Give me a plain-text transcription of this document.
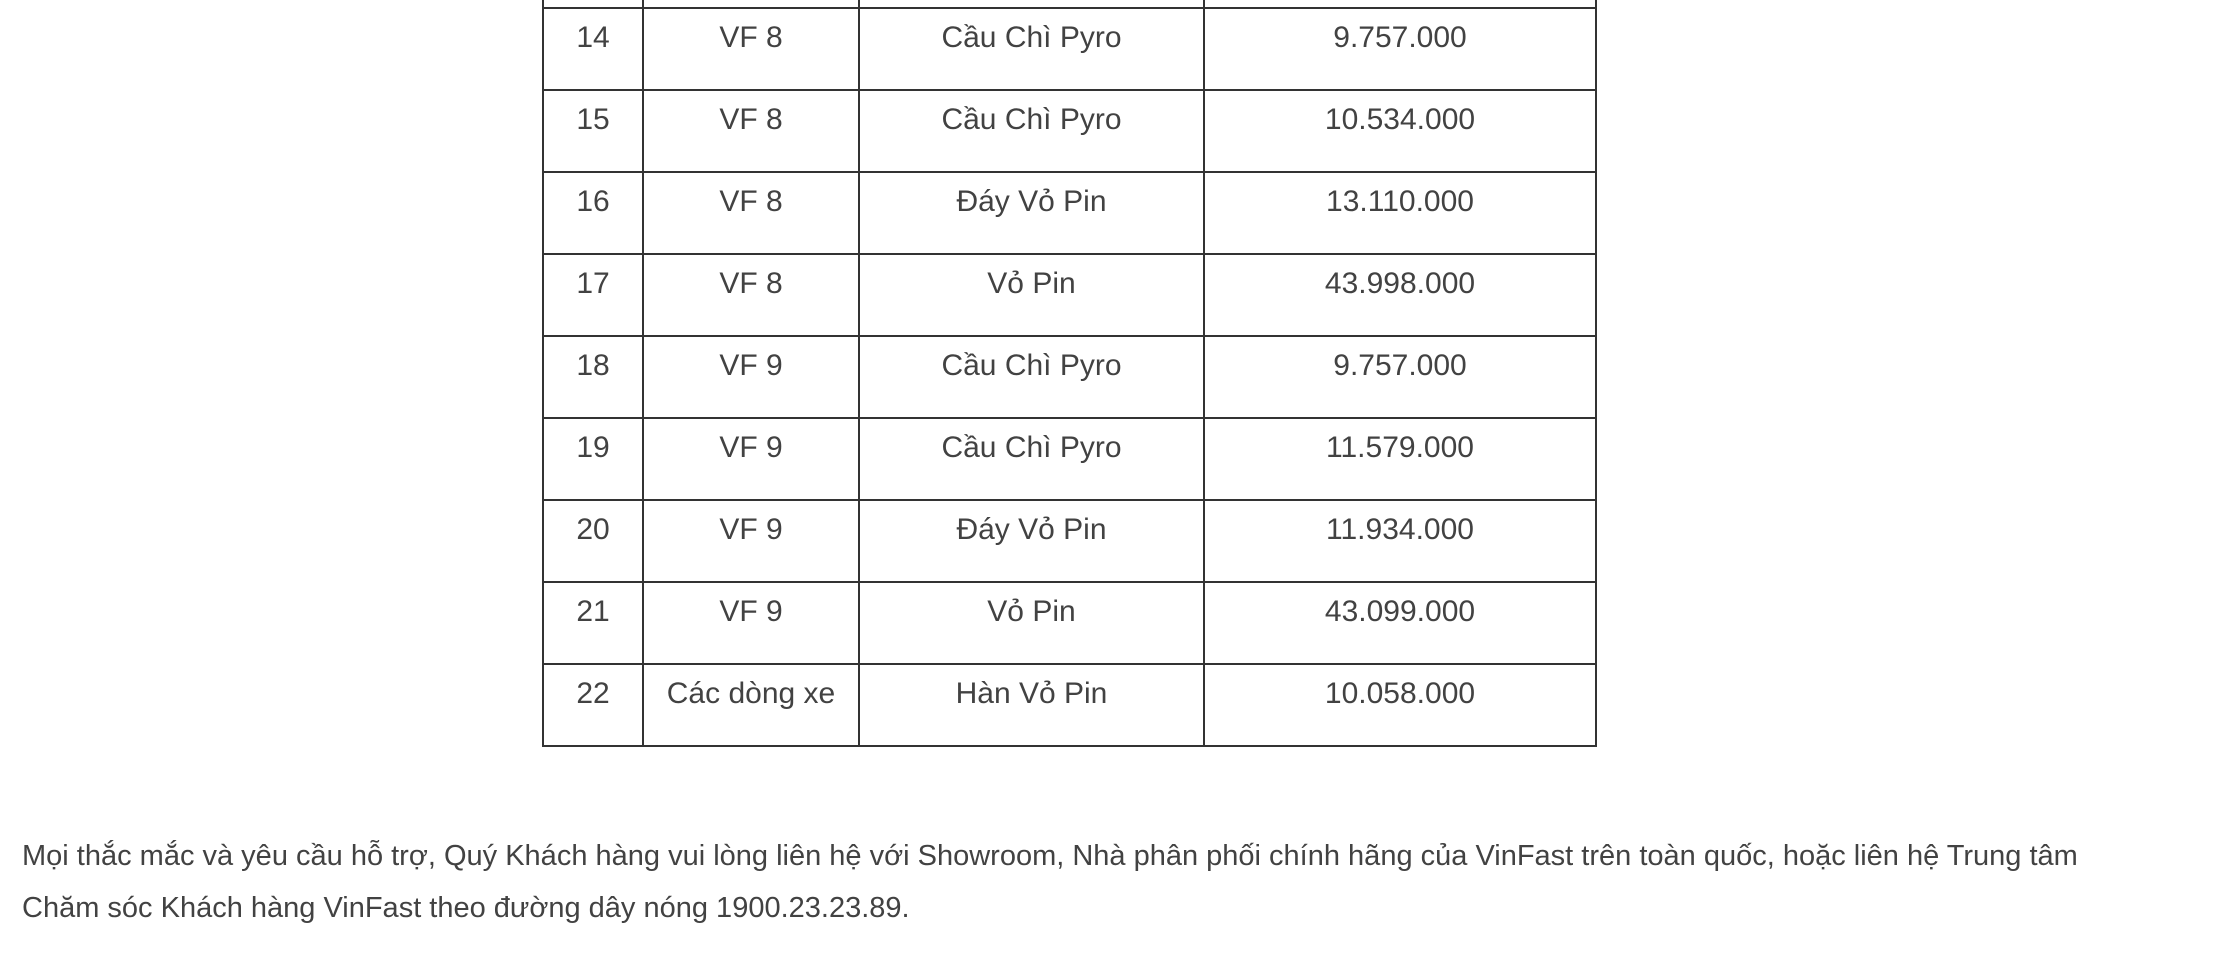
14	VF 8	Cầu Chì Pyro	9.757.000
15	VF 8	Cầu Chì Pyro	10.534.000
16	VF 8	Đáy Vỏ Pin	13.110.000
17	VF 8	Vỏ Pin	43.998.000
18	VF 9	Cầu Chì Pyro	9.757.000
19	VF 9	Cầu Chì Pyro	11.579.000
20	VF 9	Đáy Vỏ Pin	11.934.000
21	VF 9	Vỏ Pin	43.099.000
22	Các dòng xe	Hàn Vỏ Pin	10.058.000

Mọi thắc mắc và yêu cầu hỗ trợ, Quý Khách hàng vui lòng liên hệ với Showroom, Nhà phân phối chính hãng của VinFast trên toàn quốc, hoặc liên hệ Trung tâm Chăm sóc Khách hàng VinFast theo đường dây nóng 1900.23.23.89.
